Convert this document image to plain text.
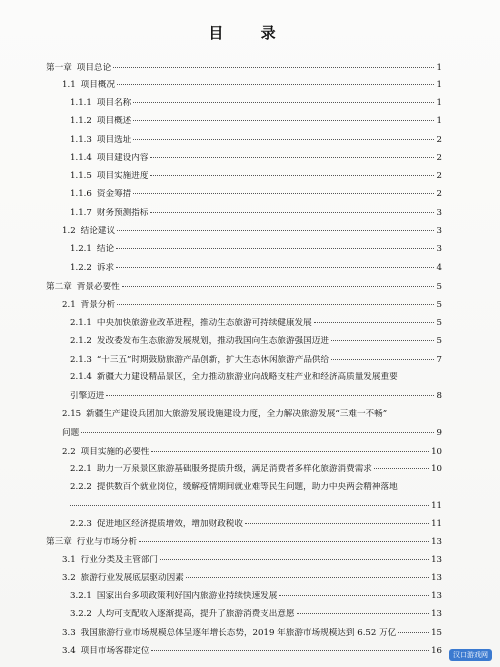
目 录
第一章 项目总论	1
1.1 项目概况	1
1.1.1 项目名称	1
1.1.2 项目概述	1
1.1.3 项目选址	2
1.1.4 项目建设内容	2
1.1.5 项目实施进度	2
1.1.6 资金筹措	2
1.1.7 财务预测指标	3
1.2 结论建议	3
1.2.1 结论	3
1.2.2 诉求	4
第二章 背景必要性	5
2.1 背景分析	5
2.1.1 中央加快旅游业改革进程，推动生态旅游可持续健康发展	5
2.1.2 发改委发布生态旅游发展规划，推动我国向生态旅游强国迈进	5
2.1.3 “十三五”时期鼓励旅游产品创新，扩大生态休闲旅游产品供给	7
2.1.4 新疆大力建设精品景区，全力推动旅游业向战略支柱产业和经济高质量发展重要
引擎迈进	8
2.15 新疆生产建设兵团加大旅游发展设施建设力度，全力解决旅游发展“三难一不畅”
问题	9
2.2 项目实施的必要性	10
2.2.1 助力一万泉景区旅游基础服务提质升级，满足消费者多样化旅游消费需求	10
2.2.2 提供数百个就业岗位，缓解疫情期间就业难等民生问题，助力中央两会精神落地
11
2.2.3 促进地区经济提质增效，增加财政税收	11
第三章 行业与市场分析	13
3.1 行业分类及主管部门	13
3.2 旅游行业发展底层驱动因素	13
3.2.1 国家出台多项政策利好国内旅游业持续快速发展	13
3.2.2 人均可支配收入逐渐提高，提升了旅游消费支出意愿	13
3.3 我国旅游行业市场规模总体呈逐年增长态势，2019 年旅游市场规模达到 6.52 万亿	15
3.4 项目市场客群定位	16	汉口游戏网
